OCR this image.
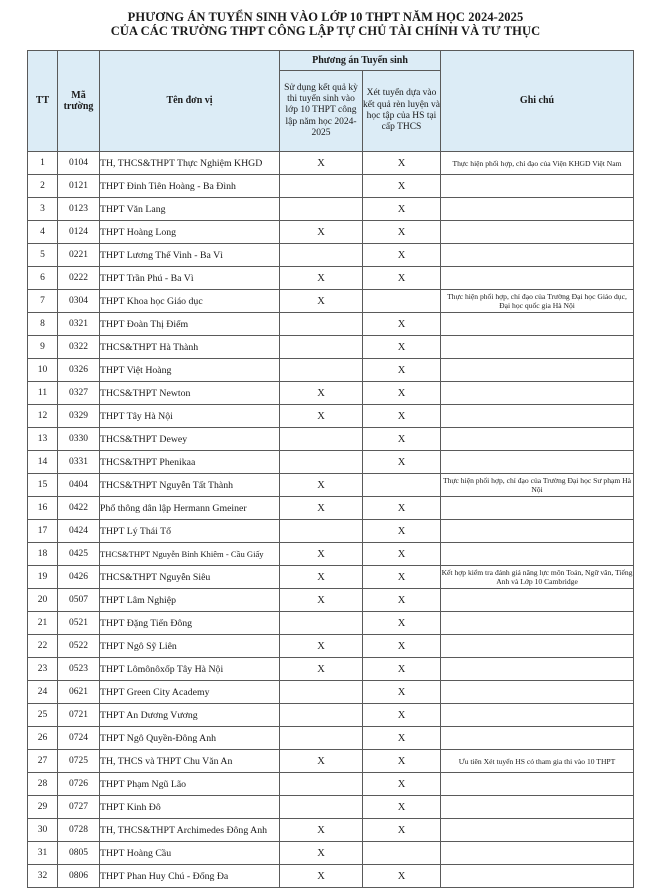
PHƯƠNG ÁN TUYỂN SINH VÀO LỚP 10 THPT NĂM HỌC 2024-2025
CỦA CÁC TRƯỜNG THPT CÔNG LẬP TỰ CHỦ TÀI CHÍNH VÀ TƯ THỤC
TT	Mã trường	Tên đơn vị	Phương án Tuyển sinh		Ghi chú
			Sử dụng kết quả kỳ thi tuyển sinh vào lớp 10 THPT công lập năm học 2024-2025	Xét tuyển dựa vào kết quả rèn luyện và học tập của HS tại cấp THCS	
1	0104	TH, THCS&THPT Thực Nghiệm KHGD	X	X	Thực hiện phối hợp, chỉ đạo của Viện KHGD Việt Nam
2	0121	THPT Đinh Tiên Hoàng - Ba Đình		X	
3	0123	THPT Văn Lang		X	
4	0124	THPT Hoàng Long	X	X	
5	0221	THPT Lương Thế Vinh - Ba Vì		X	
6	0222	THPT Trần Phú - Ba Vì	X	X	
7	0304	THPT Khoa học Giáo dục	X		Thực hiện phối hợp, chỉ đạo của Trường Đại học Giáo dục, Đại học quốc gia Hà Nội
8	0321	THPT Đoàn Thị Điểm		X	
9	0322	THCS&THPT Hà Thành		X	
10	0326	THPT Việt Hoàng		X	
11	0327	THCS&THPT Newton	X	X	
12	0329	THPT Tây Hà Nội	X	X	
13	0330	THCS&THPT Dewey		X	
14	0331	THCS&THPT Phenikaa		X	
15	0404	THCS&THPT Nguyễn Tất Thành	X		Thực hiện phối hợp, chỉ đạo của Trường Đại học Sư phạm Hà Nội
16	0422	Phổ thông dân lập Hermann Gmeiner	X	X	
17	0424	THPT Lý Thái Tổ		X	
18	0425	THCS&THPT Nguyễn Bỉnh Khiêm - Cầu Giấy	X	X	
19	0426	THCS&THPT Nguyễn Siêu	X	X	Kết hợp kiểm tra đánh giá năng lực môn Toán, Ngữ văn, Tiếng Anh và Lớp 10 Cambridge
20	0507	THPT Lâm Nghiệp	X	X	
21	0521	THPT Đặng Tiến Đông		X	
22	0522	THPT Ngô Sỹ Liên	X	X	
23	0523	THPT Lômônôxốp Tây Hà Nội	X	X	
24	0621	THPT Green City Academy		X	
25	0721	THPT An Dương Vương		X	
26	0724	THPT Ngô Quyền-Đông Anh		X	
27	0725	TH, THCS và THPT Chu Văn An	X	X	Ưu tiên Xét tuyển HS có tham gia thi vào 10 THPT
28	0726	THPT Phạm Ngũ Lão		X	
29	0727	THPT Kinh Đô		X	
30	0728	TH, THCS&THPT Archimedes Đông Anh	X	X	
31	0805	THPT Hoàng Cầu	X		
32	0806	THPT Phan Huy Chú - Đống Đa	X	X	
